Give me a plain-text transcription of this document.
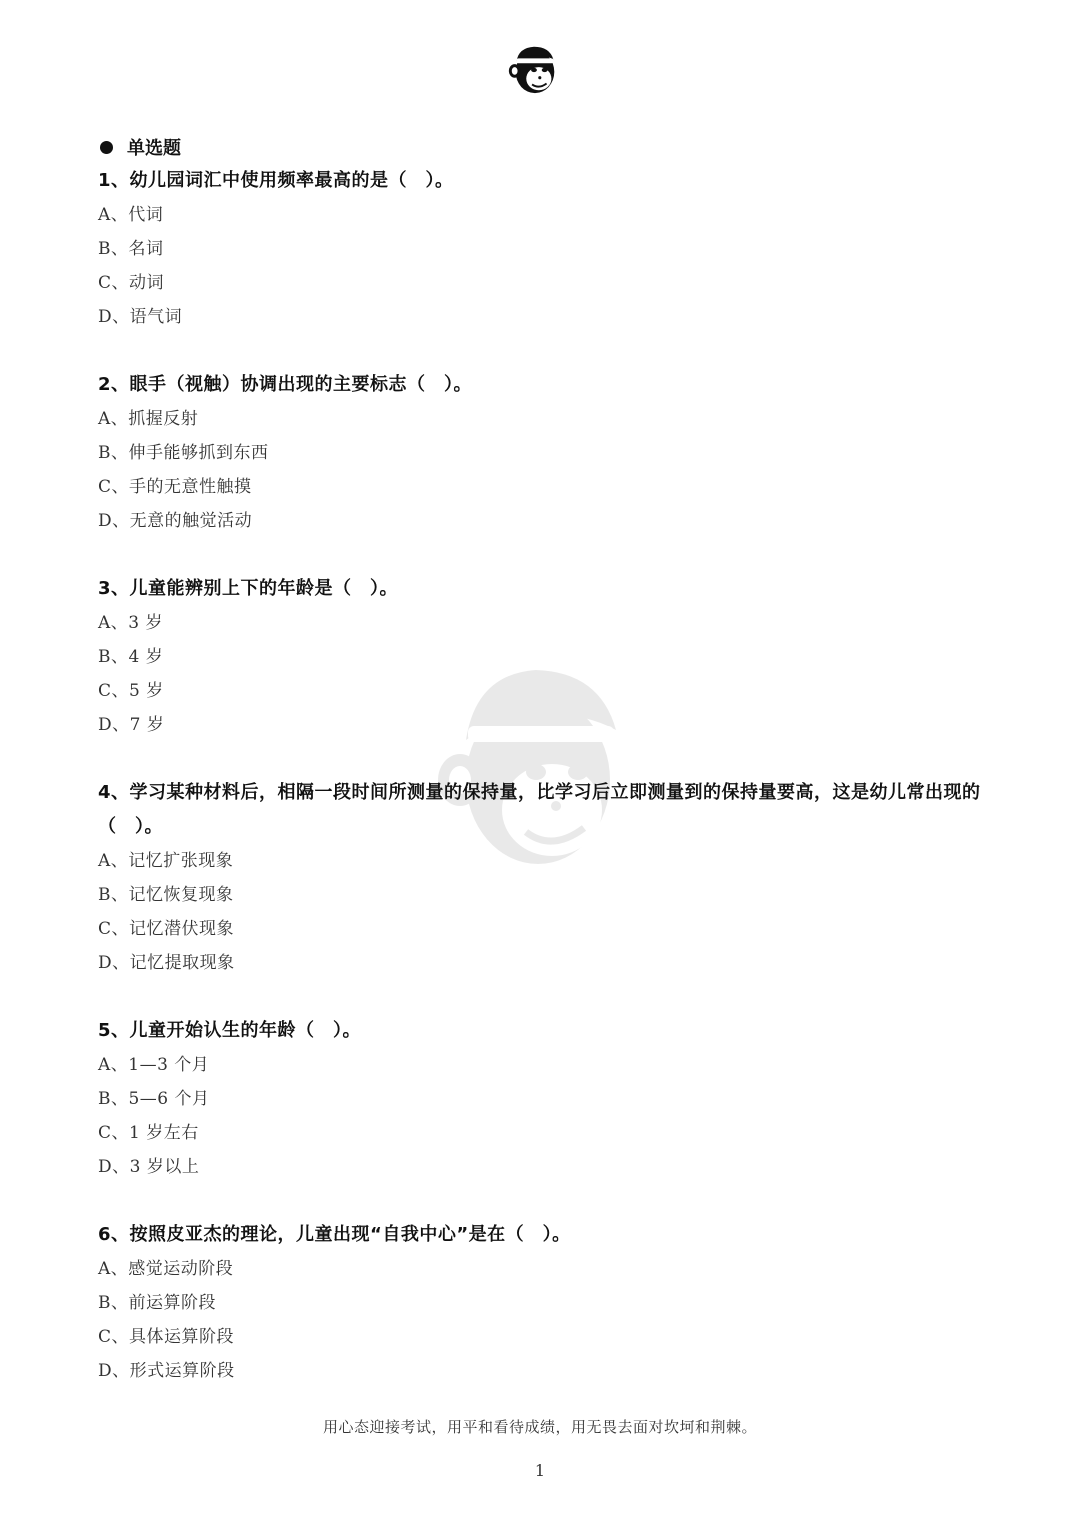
单选题
1、幼儿园词汇中使用频率最高的是（　）。
A、代词
B、名词
C、动词
D、语气词
2、眼手（视触）协调出现的主要标志（　）。
A、抓握反射
B、伸手能够抓到东西
C、手的无意性触摸
D、无意的触觉活动
3、儿童能辨别上下的年龄是（　）。
A、3 岁
B、4 岁
C、5 岁
D、7 岁
4、学习某种材料后，相隔一段时间所测量的保持量，比学习后立即测量到的保持量要高，这是幼儿常出现的（　）。
A、记忆扩张现象
B、记忆恢复现象
C、记忆潜伏现象
D、记忆提取现象
5、儿童开始认生的年龄（　）。
A、1—3 个月
B、5—6 个月
C、1 岁左右
D、3 岁以上
6、按照皮亚杰的理论，儿童出现“自我中心”是在（　）。
A、感觉运动阶段
B、前运算阶段
C、具体运算阶段
D、形式运算阶段
用心态迎接考试，用平和看待成绩，用无畏去面对坎坷和荆棘。
1
